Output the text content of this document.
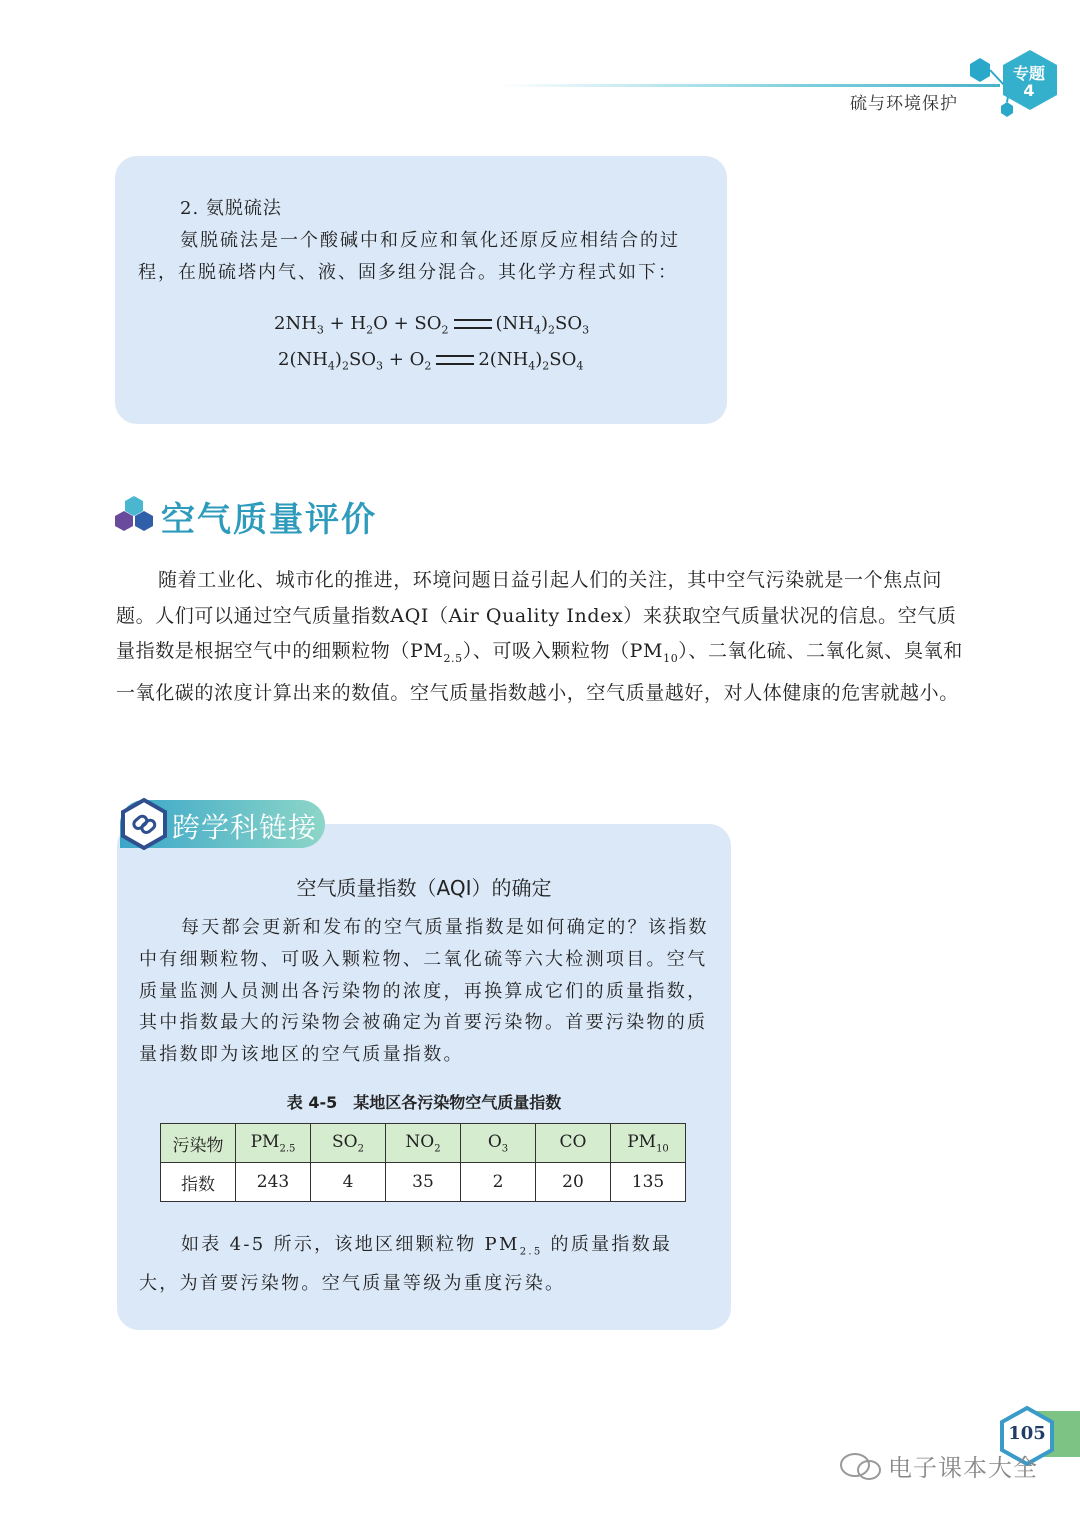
硫与环境保护
专题
4
2. 氨脱硫法
氨脱硫法是一个酸碱中和反应和氧化还原反应相结合的过程，在脱硫塔内气、液、固多组分混合。其化学方程式如下：
$2NH_3 + H_2O + SO_2$	$(NH_4)_2SO_3$
$2(NH_4)_2SO_3 + O_2$	$2(NH_4)_2SO_4$
空气质量评价
随着工业化、城市化的推进，环境问题日益引起人们的关注，其中空气污染就是一个焦点问题。人们可以通过空气质量指数AQI（Air Quality Index）来获取空气质量状况的信息。空气质量指数是根据空气中的细颗粒物$(PM_{2.5})$、可吸入颗粒物$(PM_{10})$、二氧化硫、二氧化氮、臭氧和一氧化碳的浓度计算出来的数值。空气质量指数越小，空气质量越好，对人体健康的危害就越小。
跨学科链接
空气质量指数（AQI）的确定
每天都会更新和发布的空气质量指数是如何确定的？该指数中有细颗粒物、可吸入颗粒物、二氧化硫等六大检测项目。空气质量监测人员测出各污染物的浓度，再换算成它们的质量指数，其中指数最大的污染物会被确定为首要污染物。首要污染物的质量指数即为该地区的空气质量指数。
表 4-5　某地区各污染物空气质量指数
污染物	$PM_{2.5}$	$SO_2$	$NO_2$	$O_3$	CO	$PM_{10}$
指数	243	4	35	2	20	135
如表 4-5 所示，该地区细颗粒物 $PM_{2.5}$ 的质量指数最大，为首要污染物。空气质量等级为重度污染。
105
电子课本大全
